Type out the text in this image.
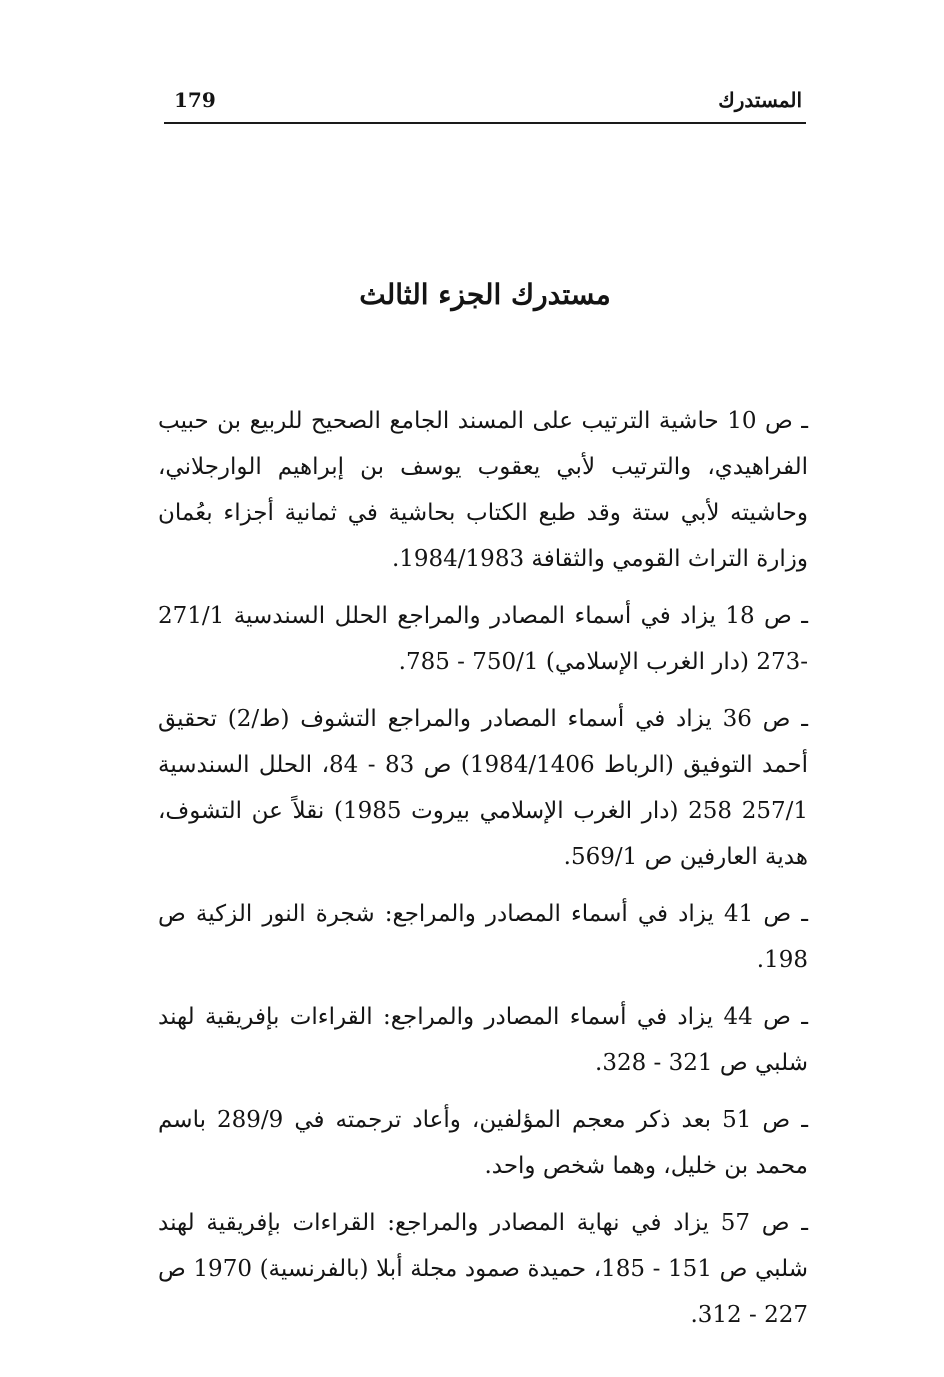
179	المستدرك
مستدرك الجزء الثالث

ـ ص 10 حاشية الترتيب على المسند الجامع الصحيح للربيع بن حبيب الفراهيدي، والترتيب لأبي يعقوب يوسف بن إبراهيم الوارجلاني، وحاشيته لأبي ستة وقد طبع الكتاب بحاشية في ثمانية أجزاء بعُمان وزارة التراث القومي والثقافة 1984/1983.

ـ ص 18 يزاد في أسماء المصادر والمراجع الحلل السندسية 271/1 -273 (دار الغرب الإسلامي) 750/1 - 785.

ـ ص 36 يزاد في أسماء المصادر والمراجع التشوف (ط/2) تحقيق أحمد التوفيق (الرباط 1984/1406) ص 83 - 84، الحلل السندسية 257/1 258 (دار الغرب الإسلامي بيروت 1985) نقلاً عن التشوف، هدية العارفين ص 569/1.

ـ ص 41 يزاد في أسماء المصادر والمراجع: شجرة النور الزكية ص 198.

ـ ص 44 يزاد في أسماء المصادر والمراجع: القراءات بإفريقية لهند شلبي ص 321 - 328.

ـ ص 51 بعد ذكر معجم المؤلفين، وأعاد ترجمته في 289/9 باسم محمد بن خليل، وهما شخص واحد.

ـ ص 57 يزاد في نهاية المصادر والمراجع: القراءات بإفريقية لهند شلبي ص 151 - 185، حميدة صمود مجلة أبلا (بالفرنسية) 1970 ص 227 - 312.
